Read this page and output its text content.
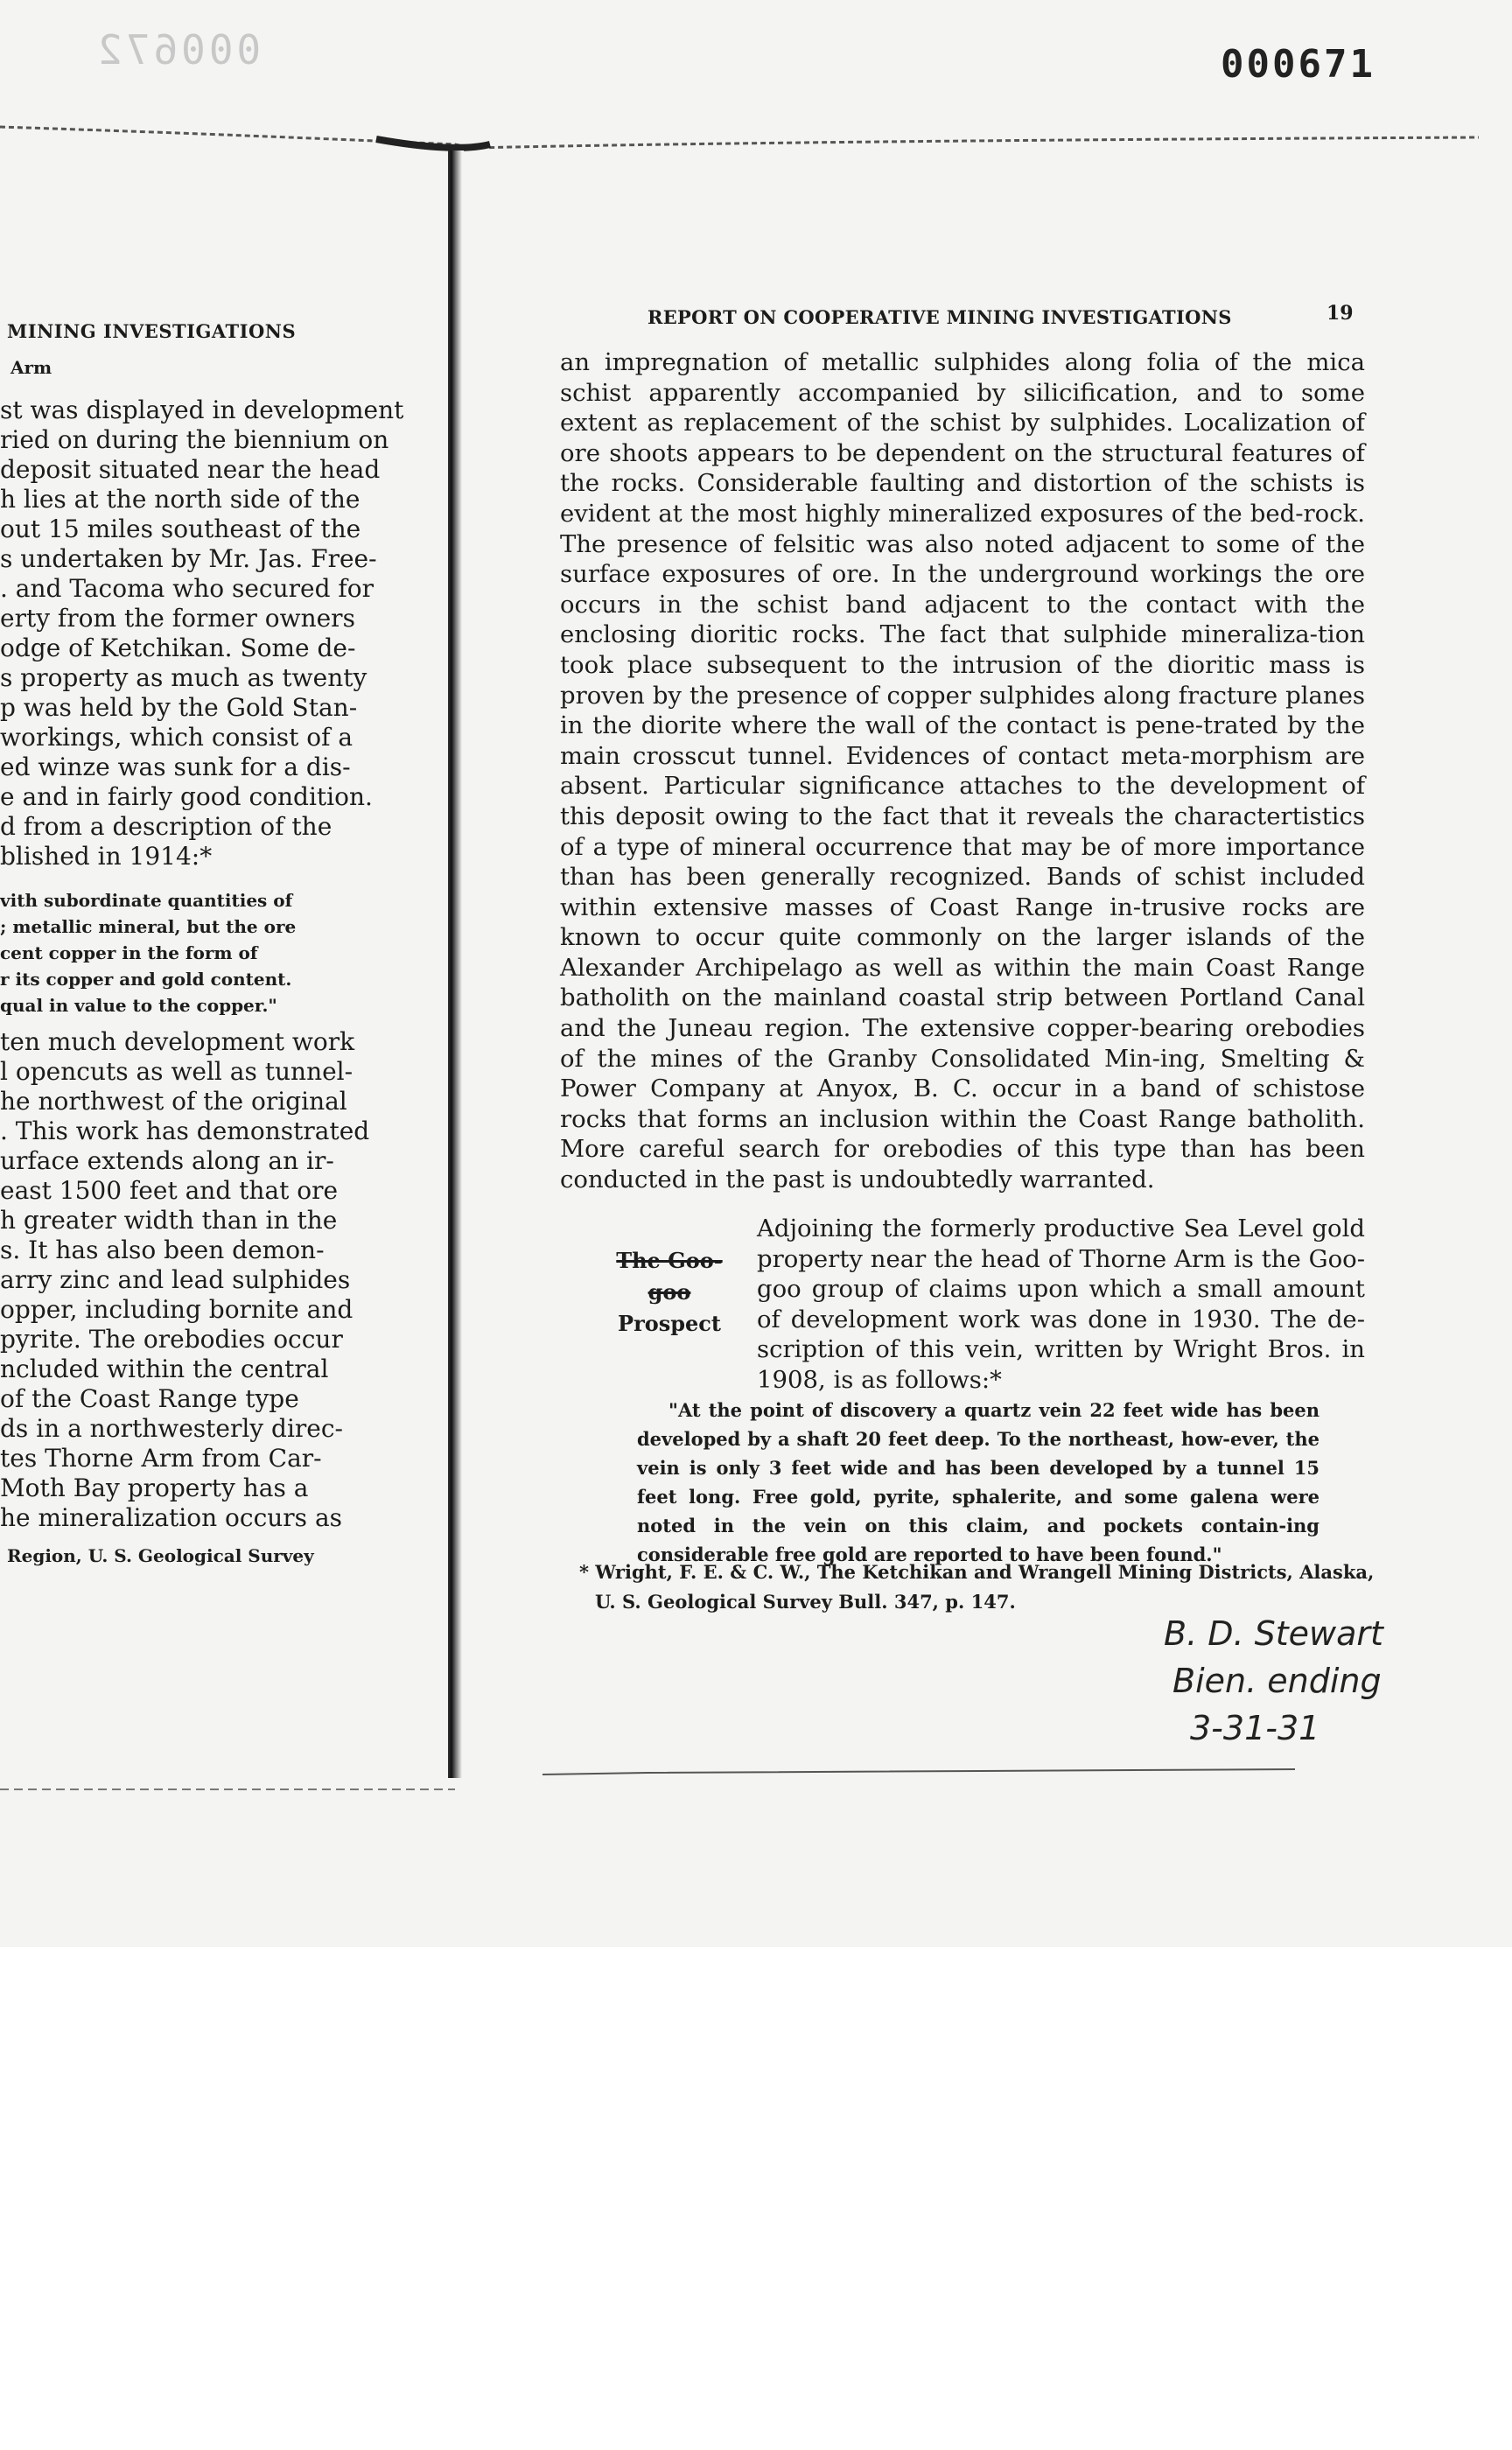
000672	000671
MINING INVESTIGATIONS
Arm
st was displayed in development
ried on during the biennium on
deposit situated near the head
h lies at the north side of the
out 15 miles southeast of the
s undertaken by Mr. Jas. Free-
. and Tacoma who secured for
erty from the former owners
odge of Ketchikan. Some de-
s property as much as twenty
p was held by the Gold Stan-
workings, which consist of a
ed winze was sunk for a dis-
e and in fairly good condition.
d from a description of the
blished in 1914:*
vith subordinate quantities of
; metallic mineral, but the ore
cent copper in the form of
r its copper and gold content.
qual in value to the copper."
ten much development work
l opencuts as well as tunnel-
he northwest of the original
. This work has demonstrated
urface extends along an ir-
east 1500 feet and that ore
h greater width than in the
s. It has also been demon-
arry zinc and lead sulphides
opper, including bornite and
pyrite. The orebodies occur
ncluded within the central
of the Coast Range type
ds in a northwesterly direc-
tes Thorne Arm from Car-
Moth Bay property has a
he mineralization occurs as
Region, U. S. Geological Survey
REPORT ON COOPERATIVE MINING INVESTIGATIONS	19

an impregnation of metallic sulphides along folia of the mica schist apparently accompanied by silicification, and to some extent as replacement of the schist by sulphides. Localization of ore shoots appears to be dependent on the structural features of the rocks. Considerable faulting and distortion of the schists is evident at the most highly mineralized exposures of the bed-rock. The presence of felsitic was also noted adjacent to some of the surface exposures of ore. In the underground workings the ore occurs in the schist band adjacent to the contact with the enclosing dioritic rocks. The fact that sulphide mineraliza-tion took place subsequent to the intrusion of the dioritic mass is proven by the presence of copper sulphides along fracture planes in the diorite where the wall of the contact is pene-trated by the main crosscut tunnel. Evidences of contact meta-morphism are absent. Particular significance attaches to the development of this deposit owing to the fact that it reveals the charactertistics of a type of mineral occurrence that may be of more importance than has been generally recognized. Bands of schist included within extensive masses of Coast Range in-trusive rocks are known to occur quite commonly on the larger islands of the Alexander Archipelago as well as within the main Coast Range batholith on the mainland coastal strip between Portland Canal and the Juneau region. The extensive copper-bearing orebodies of the mines of the Granby Consolidated Min-ing, Smelting & Power Company at Anyox, B. C. occur in a band of schistose rocks that forms an inclusion within the Coast Range batholith. More careful search for orebodies of this type than has been conducted in the past is undoubtedly warranted.

The Goo-goo
Prospect

Adjoining the formerly productive Sea Level gold property near the head of Thorne Arm is the Goo-goo group of claims upon which a small amount of development work was done in 1930. The de-scription of this vein, written by Wright Bros. in 1908, is as follows:*

"At the point of discovery a quartz vein 22 feet wide has been developed by a shaft 20 feet deep. To the northeast, how-ever, the vein is only 3 feet wide and has been developed by a tunnel 15 feet long. Free gold, pyrite, sphalerite, and some galena were noted in the vein on this claim, and pockets contain-ing considerable free gold are reported to have been found."

* Wright, F. E. & C. W., The Ketchikan and Wrangell Mining Districts, Alaska, U. S. Geological Survey Bull. 347, p. 147.

B. D. Stewart
Bien. ending
3-31-31
